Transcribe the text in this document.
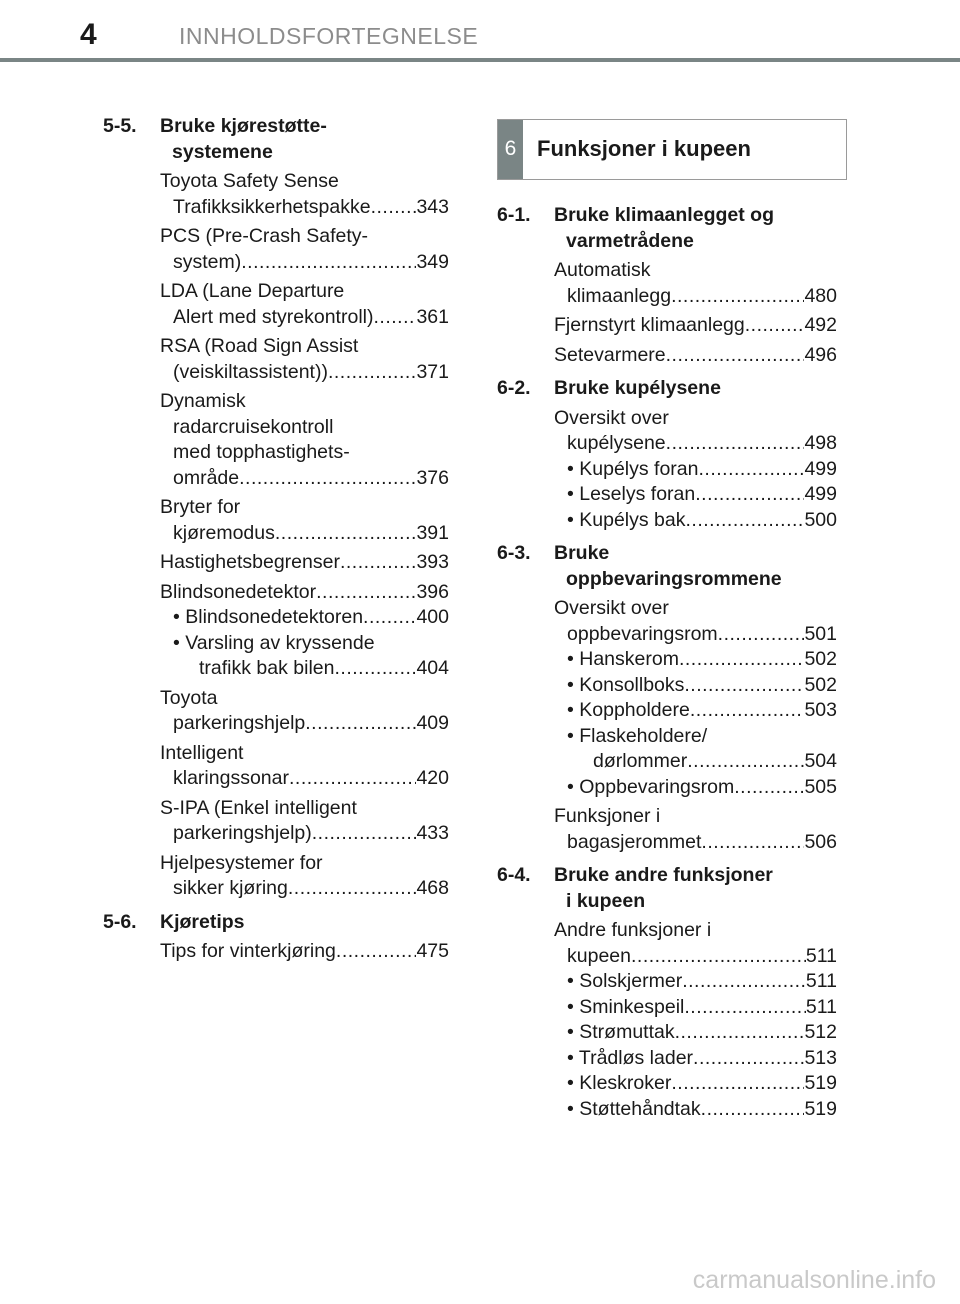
4	INNHOLDSFORTEGNELSE
5-5.	Bruke kjørestøtte-
systemene
Toyota Safety Sense
Trafikksikkerhetspakke ..... 343
PCS (Pre-Crash Safety-
system) .....	349
LDA (Lane Departure
Alert med styrekontroll) ..... 361
RSA (Road Sign Assist
(veiskiltassistent)) .....	371
Dynamisk
radarcruisekontroll
med topphastighets-
område .....	376
Bryter for
kjøremodus .....	391
Hastighetsbegrenser .....	393
Blindsonedetektor .....	396
• Blindsonedetektoren .....	400
• Varsling av kryssende
trafikk bak bilen .....	404
Toyota
parkeringshjelp .....	409
Intelligent
klaringssonar .....	420
S-IPA (Enkel intelligent
parkeringshjelp) .....	433
Hjelpesystemer for
sikker kjøring .....	468
5-6.	Kjøretips
Tips for vinterkjøring .....	475
6 Funksjoner i kupeen
6-1.	Bruke klimaanlegget og
varmetrådene
Automatisk
klimaanlegg .....	480
Fjernstyrt klimaanlegg .....	492
Setevarmere .....	496
6-2.	Bruke kupélysene
Oversikt over
kupélysene .....	498
• Kupélys foran .....	499
• Leselys foran .....	499
• Kupélys bak .....	500
6-3.	Bruke
oppbevaringsrommene
Oversikt over
oppbevaringsrom .....	501
• Hanskerom .....	502
• Konsollboks .....	502
• Koppholdere .....	503
• Flaskeholdere/
dørlommer .....	504
• Oppbevaringsrom .....	505
Funksjoner i
bagasjerommet .....	506
6-4.	Bruke andre funksjoner
i kupeen
Andre funksjoner i
kupeen .....	511
• Solskjermer .....	511
• Sminkespeil .....	511
• Strømuttak .....	512
• Trådløs lader .....	513
• Kleskroker .....	519
• Støttehåndtak .....	519
carmanualsonline.info
